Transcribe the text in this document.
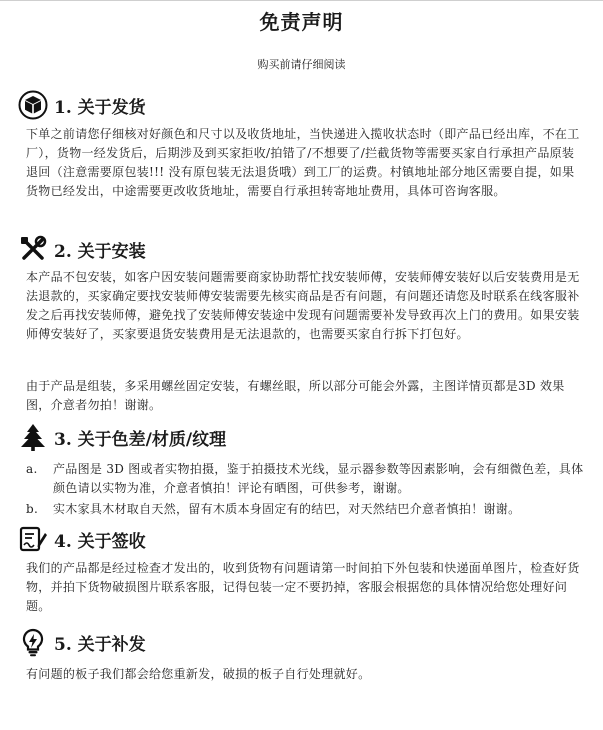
免责声明
购买前请仔细阅读
1. 关于发货

下单之前请您仔细核对好颜色和尺寸以及收货地址，当快递进入揽收状态时（即产品已经出库，不在工厂），货物一经发货后，后期涉及到买家拒收/拍错了/不想要了/拦截货物等需要买家自行承担产品原装退回（注意需要原包装!!! 没有原包装无法退货哦）到工厂的运费。村镇地址部分地区需要自提，如果货物已经发出，中途需要更改收货地址，需要自行承担转寄地址费用，具体可咨询客服。

2. 关于安装

本产品不包安装，如客户因安装问题需要商家协助帮忙找安装师傅，安装师傅安装好以后安装费用是无法退款的，买家确定要找安装师傅安装需要先核实商品是否有问题，有问题还请您及时联系在线客服补发之后再找安装师傅，避免找了安装师傅安装途中发现有问题需要补发导致再次上门的费用。如果安装师傅安装好了，买家要退货安装费用是无法退款的，也需要买家自行拆下打包好。

由于产品是组装，多采用螺丝固定安装，有螺丝眼，所以部分可能会外露，主图详情页都是3D 效果图，介意者勿拍！谢谢。

3. 关于色差/材质/纹理
a. 产品图是 3D 图或者实物拍摄，鉴于拍摄技术光线，显示器参数等因素影响，会有细微色差，具体颜色请以实物为准，介意者慎拍！评论有晒图，可供参考，谢谢。
b. 实木家具木材取自天然，留有木质本身固定有的结巴，对天然结巴介意者慎拍！谢谢。
4. 关于签收

我们的产品都是经过检查才发出的，收到货物有问题请第一时间拍下外包装和快递面单图片，检查好货物，并拍下货物破损图片联系客服，记得包装一定不要扔掉，客服会根据您的具体情况给您处理好问题。

5. 关于补发

有问题的板子我们都会给您重新发，破损的板子自行处理就好。
